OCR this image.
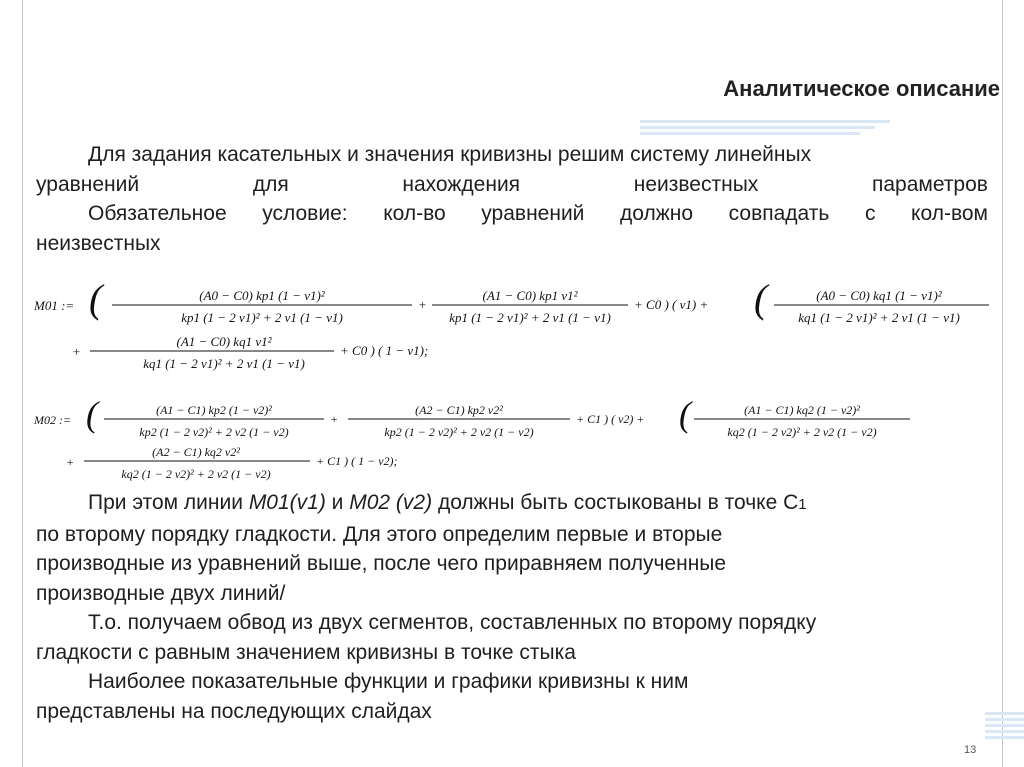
Аналитическое описание

Для задания касательных и значения кривизны решим систему линейных

уравнений	для	нахождения	неизвестных	параметров

Обязательное условие: кол-во уравнений должно совпадать с кол-вом

неизвестных

M01 := (	(A0 − C0) kp1 (1 − v1)²
kp1 (1 − 2 v1)² + 2 v1 (1 − v1)
+
(A1 − C0) kp1 v1²
kp1 (1 − 2 v1)² + 2 v1 (1 − v1)
+ C0 ) ( v1) + (	(A0 − C0) kq1 (1 − v1)²
kq1 (1 − 2 v1)² + 2 v1 (1 − v1)
+
(A1 − C0) kq1 v1²
kq1 (1 − 2 v1)² + 2 v1 (1 − v1)
+ C0 ) ( 1 − v1);
M02 := (	(A1 − C1) kp2 (1 − v2)²
kp2 (1 − 2 v2)² + 2 v2 (1 − v2)
+
(A2 − C1) kp2 v2²
kp2 (1 − 2 v2)² + 2 v2 (1 − v2)
+ C1 ) ( v2) + (	(A1 − C1) kq2 (1 − v2)²
kq2 (1 − 2 v2)² + 2 v2 (1 − v2)
+
(A2 − C1) kq2 v2²
kq2 (1 − 2 v2)² + 2 v2 (1 − v2)
+ C1 ) ( 1 − v2);

При этом линии M01(v1) и M02 (v2) должны быть состыкованы в точке С1

по второму порядку гладкости. Для этого определим первые и вторые

производные из уравнений выше, после чего приравняем полученные

производные двух линий/

Т.о. получаем обвод из двух сегментов, составленных по второму порядку

гладкости с равным значением кривизны в точке стыка

Наиболее показательные функции и графики кривизны к ним

представлены на последующих слайдах

13
